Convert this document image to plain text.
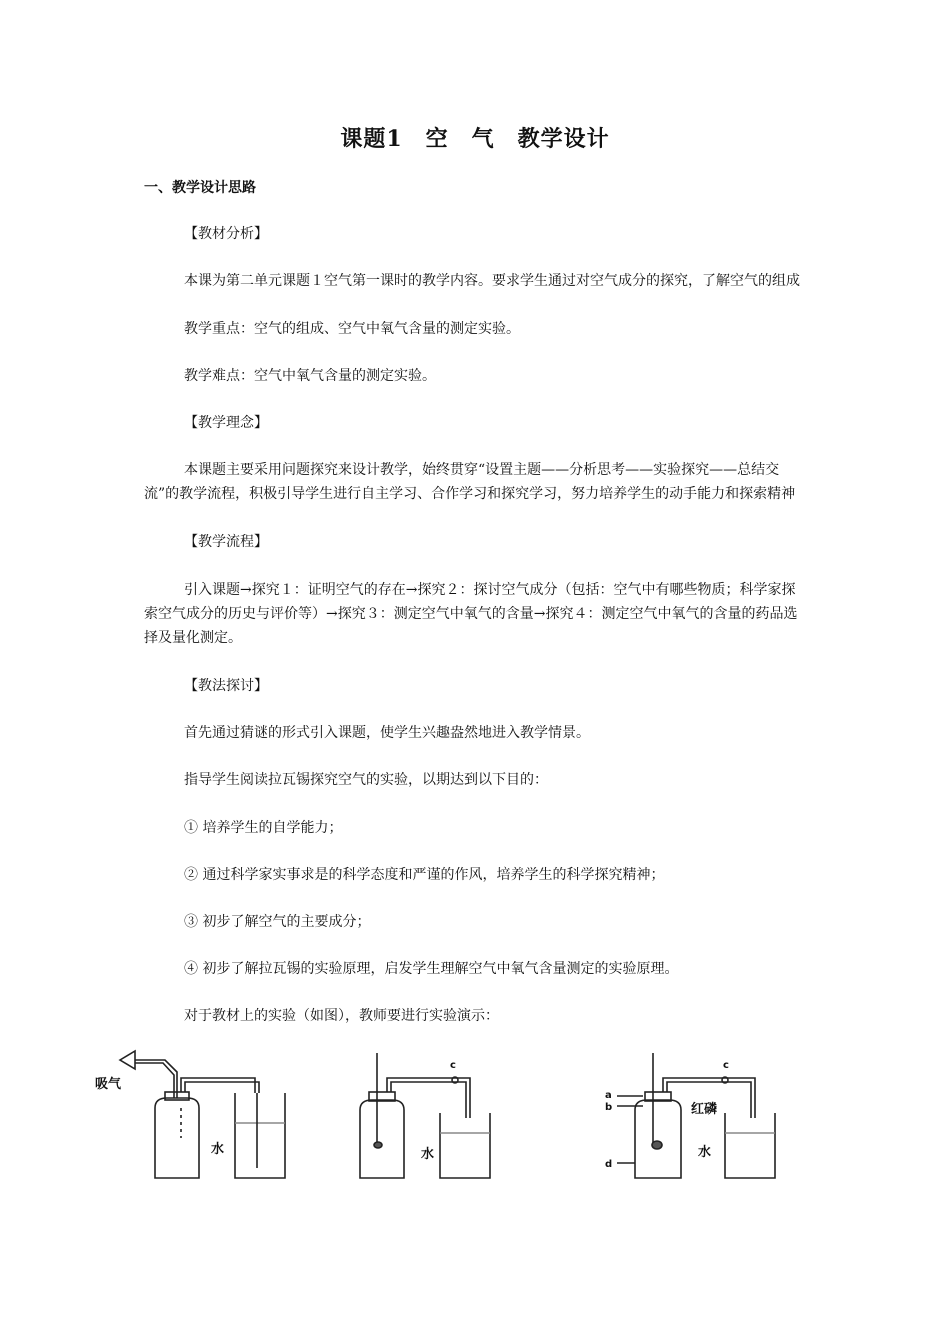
课题1　空　气　教学设计
一、教学设计思路
【教材分析】
本课为第二单元课题１空气第一课时的教学内容。要求学生通过对空气成分的探究，了解空气的组成
教学重点：空气的组成、空气中氧气含量的测定实验。
教学难点：空气中氧气含量的测定实验。
【教学理念】
本课题主要采用问题探究来设计教学，始终贯穿“设置主题——分析思考——实验探究——总结交流”的教学流程，积极引导学生进行自主学习、合作学习和探究学习，努力培养学生的动手能力和探索精神
【教学流程】
引入课题→探究１：证明空气的存在→探究２：探讨空气成分（包括：空气中有哪些物质；科学家探索空气成分的历史与评价等）→探究３：测定空气中氧气的含量→探究４：测定空气中氧气的含量的药品选择及量化测定。
【教法探讨】
首先通过猜谜的形式引入课题，使学生兴趣盎然地进入教学情景。
指导学生阅读拉瓦锡探究空气的实验，以期达到以下目的：
① 培养学生的自学能力；
② 通过科学家实事求是的科学态度和严谨的作风，培养学生的科学探究精神；
③ 初步了解空气的主要成分；
④ 初步了解拉瓦锡的实验原理，启发学生理解空气中氧气含量测定的实验原理。
对于教材上的实验（如图），教师要进行实验演示：
吸气
水
c
水
c
a
b
d
红磷
水
